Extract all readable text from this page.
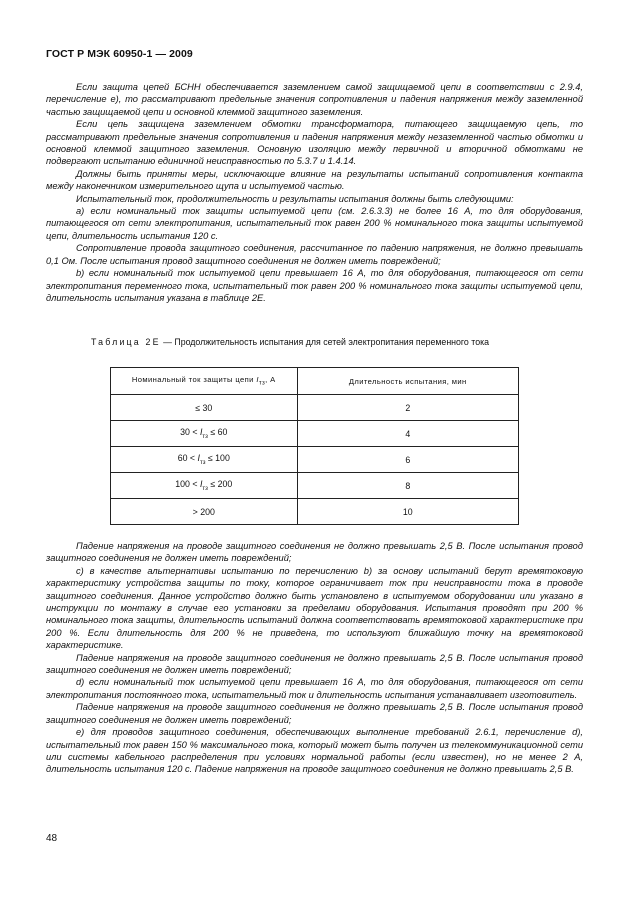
ГОСТ Р МЭК 60950-1 — 2009

Если защита цепей БСНН обеспечивается заземлением самой защищаемой цепи в соответствии с 2.9.4, перечисление е), то рассматривают предельные значения сопротивления и падения напряжения между заземленной частью защищаемой цепи и основной клеммой защитного заземления.

Если цепь защищена заземлением обмотки трансформатора, питающего защищаемую цепь, то рассматривают предельные значения сопротивления и падения напряжения между незаземленной частью обмотки и основной клеммой защитного заземления. Основную изоляцию между первичной и вторичной обмотками не подвергают испытанию единичной неисправностью по 5.3.7 и 1.4.14.

Должны быть приняты меры, исключающие влияние на результаты испытаний сопротивления контакта между наконечником измерительного щупа и испытуемой частью.

Испытательный ток, продолжительность и результаты испытания должны быть следующими:

а) если номинальный ток защиты испытуемой цепи (см. 2.6.3.3) не более 16 А, то для оборудования, питающегося от сети электропитания, испытательный ток равен 200 % номинального тока защиты испытуемой цепи, длительность испытания 120 с.

Сопротивление провода защитного соединения, рассчитанное по падению напряжения, не должно превышать 0,1 Ом. После испытания провод защитного соединения не должен иметь повреждений;

b) если номинальный ток испытуемой цепи превышает 16 А, то для оборудования, питающегося от сети электропитания переменного тока, испытательный ток равен 200 % номинального тока защиты испытуемой цепи, длительность испытания указана в таблице 2Е.

Таблица 2Е — Продолжительность испытания для сетей электропитания переменного тока
Номинальный ток защиты цепи $I_{тз}$, А	Длительность испытания, мин
≤ 30	2
$30 < I_{тз} \le 60$	4
$60 < I_{тз} \le 100$	6
$100 < I_{тз} \le 200$	8
> 200	10

Падение напряжения на проводе защитного соединения не должно превышать 2,5 В. После испытания провод защитного соединения не должен иметь повреждений;

с) в качестве альтернативы испытанию по перечислению b) за основу испытаний берут времятоковую характеристику устройства защиты по току, которое ограничивает ток при неисправности тока в проводе защитного соединения. Данное устройство должно быть установлено в испытуемом оборудовании или указано в инструкции по монтажу в случае его установки за пределами оборудования. Испытания проводят при 200 % номинального тока защиты, длительность испытаний должна соответствовать времятоковой характеристике при 200 %. Если длительность для 200 % не приведена, то используют ближайшую точку на времятоковой характеристике.

Падение напряжения на проводе защитного соединения не должно превышать 2,5 В. После испытания провод защитного соединения не должен иметь повреждений;

d) если номинальный ток испытуемой цепи превышает 16 А, то для оборудования, питающегося от сети электропитания постоянного тока, испытательный ток и длительность испытания устанавливает изготовитель.

Падение напряжения на проводе защитного соединения не должно превышать 2,5 В. После испытания провод защитного соединения не должен иметь повреждений;

е) для проводов защитного соединения, обеспечивающих выполнение требований 2.6.1, перечисление d), испытательный ток равен 150 % максимального тока, который может быть получен из телекоммуникационной сети или системы кабельного распределения при условиях нормальной работы (если известен), но не менее 2 А, длительность испытания 120 с. Падение напряжения на проводе защитного соединения не должно превышать 2,5 В.

48
